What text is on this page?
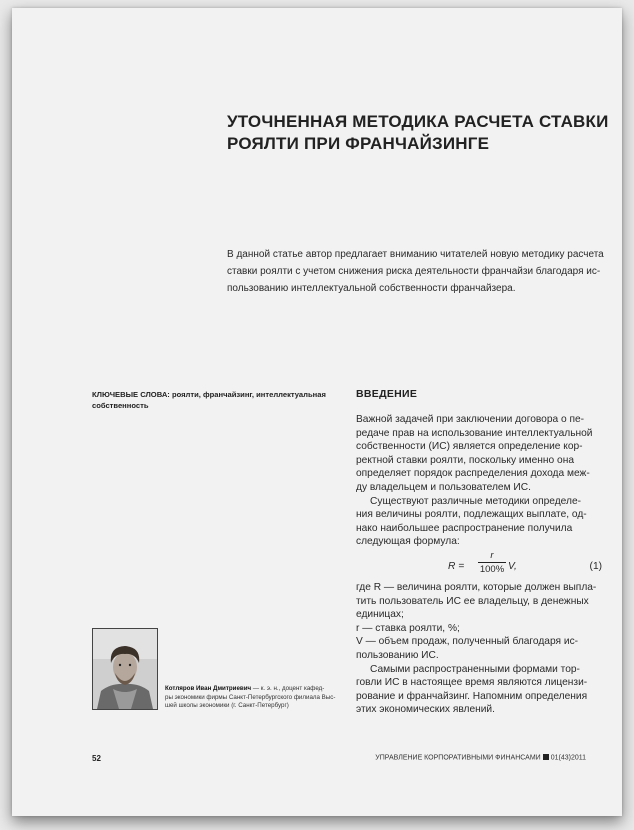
УТОЧНЕННАЯ МЕТОДИКА РАСЧЕТА СТАВКИ
РОЯЛТИ ПРИ ФРАНЧАЙЗИНГЕ
В данной статье автор предлагает вниманию читателей новую методику расчета
ставки роялти с учетом снижения риска деятельности франчайзи благодаря ис-
пользованию интеллектуальной собственности франчайзера.
КЛЮЧЕВЫЕ СЛОВА: роялти, франчайзинг, интеллектуальная
собственность
Котляров Иван Дмитриевич — к. э. н., доцент кафед-
ры экономики фирмы Санкт-Петербургского филиала Выс-
шей школы экономики (г. Санкт-Петербург)
ВВЕДЕНИЕ
Важной задачей при заключении договора о пе-
редаче прав на использование интеллектуальной
собственности (ИС) является определение кор-
ректной ставки роялти, поскольку именно она
определяет порядок распределения дохода меж-
ду владельцем и пользователем ИС.
Существуют различные методики определе-
ния величины роялти, подлежащих выплате, од-
нако наибольшее распространение получила
следующая формула:
R =
r
100% V,	(1)
где R — величина роялти, которые должен выпла-
тить пользователь ИС ее владельцу, в денежных
единицах;
r — ставка роялти, %;
V — объем продаж, полученный благодаря ис-
пользованию ИС.
Самыми распространенными формами тор-
говли ИС в настоящее время являются лицензи-
рование и франчайзинг. Напомним определения
этих экономических явлений.
52	УПРАВЛЕНИЕ КОРПОРАТИВНЫМИ ФИНАНСАМИ 01(43)2011
